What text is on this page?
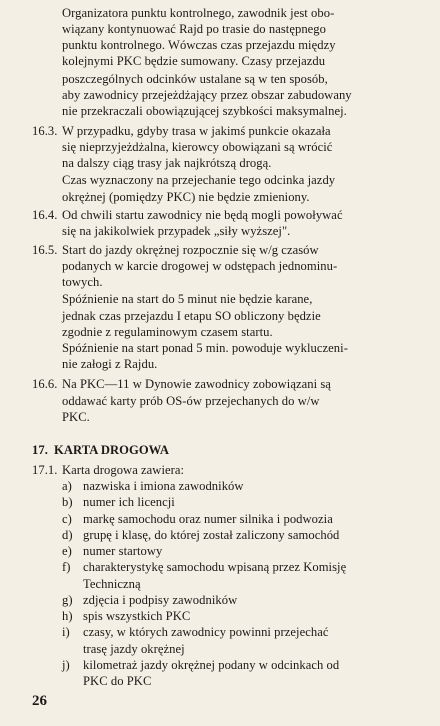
Organizatora punktu kontrolnego, zawodnik jest obo-
wiązany kontynuować Rajd po trasie do następnego
punktu kontrolnego. Wówczas czas przejazdu między
kolejnymi PKC będzie sumowany. Czasy przejazdu
poszczególnych odcinków ustalane są w ten sposób,
aby zawodnicy przejeżdżający przez obszar zabudowany
nie przekraczali obowiązującej szybkości maksymalnej.
16.3. W przypadku, gdyby trasa w jakimś punkcie okazała
się nieprzyjeżdżalna, kierowcy obowiązani są wrócić
na dalszy ciąg trasy jak najkrótszą drogą.
Czas wyznaczony na przejechanie tego odcinka jazdy
okrężnej (pomiędzy PKC) nie będzie zmieniony.
16.4. Od chwili startu zawodnicy nie będą mogli powoływać
się na jakikolwiek przypadek „siły wyższej".
16.5. Start do jazdy okrężnej rozpocznie się w/g czasów
podanych w karcie drogowej w odstępach jednominu-
towych.
Spóźnienie na start do 5 minut nie będzie karane,
jednak czas przejazdu I etapu SO obliczony będzie
zgodnie z regulaminowym czasem startu.
Spóźnienie na start ponad 5 min. powoduje wykluczeni-
nie załogi z Rajdu.
16.6. Na PKC—11 w Dynowie zawodnicy zobowiązani są
oddawać karty prób OS-ów przejechanych do w/w
PKC.
17. KARTA DROGOWA
17.1. Karta drogowa zawiera:
a) nazwiska i imiona zawodników
b) numer ich licencji
c) markę samochodu oraz numer silnika i podwozia
d) grupę i klasę, do której został zaliczony samochód
e) numer startowy
f) charakterystykę samochodu wpisaną przez Komisję
Techniczną
g) zdjęcia i podpisy zawodników
h) spis wszystkich PKC
i) czasy, w których zawodnicy powinni przejechać
trasę jazdy okrężnej
j) kilometraż jazdy okrężnej podany w odcinkach od
PKC do PKC
26
